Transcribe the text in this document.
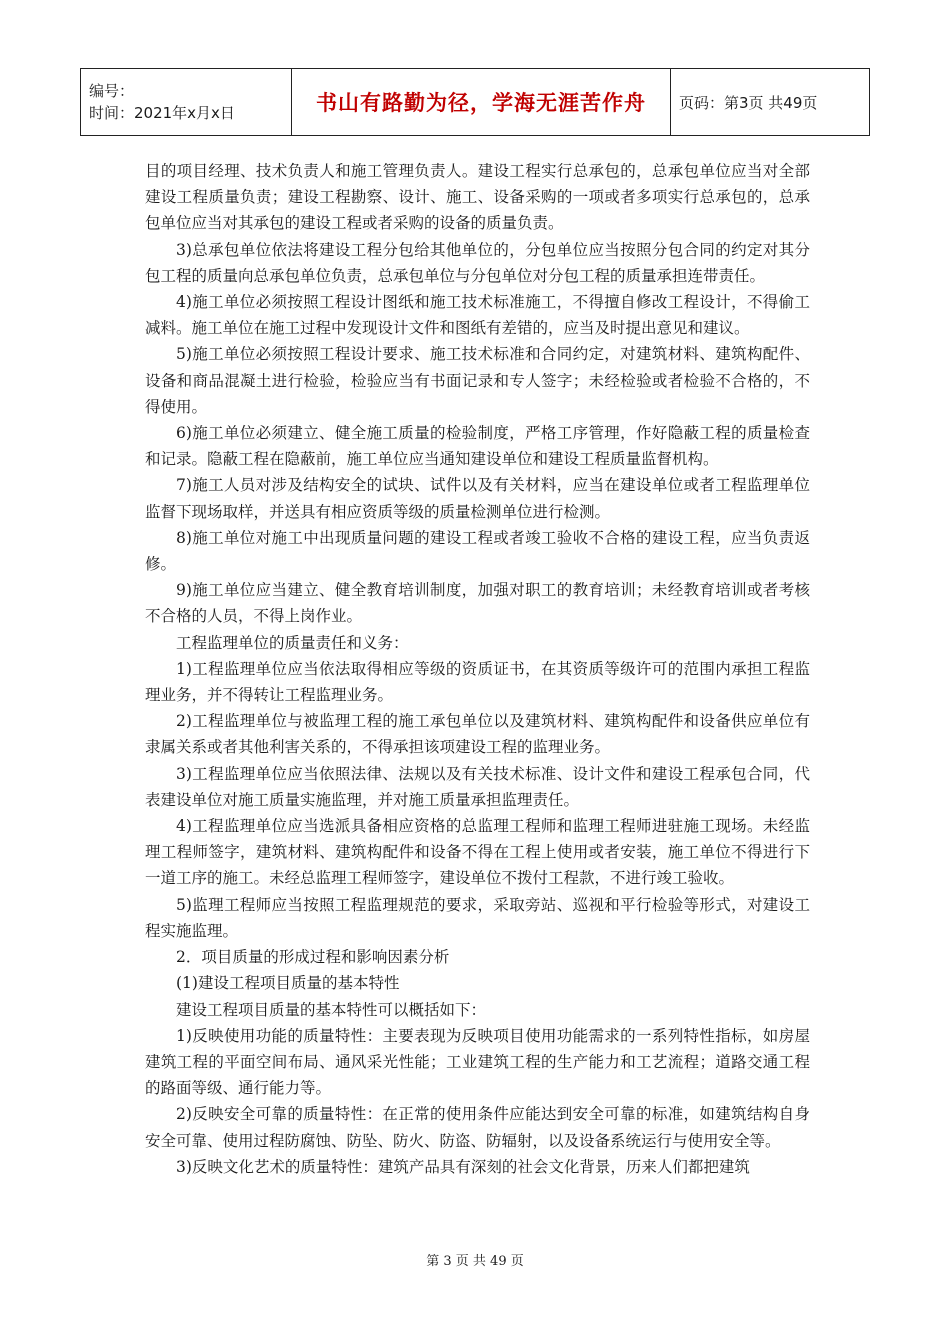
编号：
时间：2021年x月x日	书山有路勤为径，学海无涯苦作舟	页码：第3页 共49页

目的项目经理、技术负责人和施工管理负责人。建设工程实行总承包的，总承包单位应当对全部建设工程质量负责；建设工程勘察、设计、施工、设备采购的一项或者多项实行总承包的，总承包单位应当对其承包的建设工程或者采购的设备的质量负责。

3)总承包单位依法将建设工程分包给其他单位的，分包单位应当按照分包合同的约定对其分包工程的质量向总承包单位负责，总承包单位与分包单位对分包工程的质量承担连带责任。

4)施工单位必须按照工程设计图纸和施工技术标准施工，不得擅自修改工程设计，不得偷工减料。施工单位在施工过程中发现设计文件和图纸有差错的，应当及时提出意见和建议。

5)施工单位必须按照工程设计要求、施工技术标准和合同约定，对建筑材料、建筑构配件、设备和商品混凝土进行检验，检验应当有书面记录和专人签字；未经检验或者检验不合格的，不得使用。

6)施工单位必须建立、健全施工质量的检验制度，严格工序管理，作好隐蔽工程的质量检查和记录。隐蔽工程在隐蔽前，施工单位应当通知建设单位和建设工程质量监督机构。

7)施工人员对涉及结构安全的试块、试件以及有关材料，应当在建设单位或者工程监理单位监督下现场取样，并送具有相应资质等级的质量检测单位进行检测。

8)施工单位对施工中出现质量问题的建设工程或者竣工验收不合格的建设工程，应当负责返修。

9)施工单位应当建立、健全教育培训制度，加强对职工的教育培训；未经教育培训或者考核不合格的人员，不得上岗作业。

工程监理单位的质量责任和义务：

1)工程监理单位应当依法取得相应等级的资质证书，在其资质等级许可的范围内承担工程监理业务，并不得转让工程监理业务。

2)工程监理单位与被监理工程的施工承包单位以及建筑材料、建筑构配件和设备供应单位有隶属关系或者其他利害关系的，不得承担该项建设工程的监理业务。

3)工程监理单位应当依照法律、法规以及有关技术标准、设计文件和建设工程承包合同，代表建设单位对施工质量实施监理，并对施工质量承担监理责任。

4)工程监理单位应当选派具备相应资格的总监理工程师和监理工程师进驻施工现场。未经监理工程师签字，建筑材料、建筑构配件和设备不得在工程上使用或者安装，施工单位不得进行下一道工序的施工。未经总监理工程师签字，建设单位不拨付工程款，不进行竣工验收。

5)监理工程师应当按照工程监理规范的要求，采取旁站、巡视和平行检验等形式，对建设工程实施监理。

2．项目质量的形成过程和影响因素分析

(1)建设工程项目质量的基本特性

建设工程项目质量的基本特性可以概括如下：

1)反映使用功能的质量特性：主要表现为反映项目使用功能需求的一系列特性指标，如房屋建筑工程的平面空间布局、通风采光性能；工业建筑工程的生产能力和工艺流程；道路交通工程的路面等级、通行能力等。

2)反映安全可靠的质量特性：在正常的使用条件应能达到安全可靠的标准，如建筑结构自身安全可靠、使用过程防腐蚀、防坠、防火、防盗、防辐射，以及设备系统运行与使用安全等。

3)反映文化艺术的质量特性：建筑产品具有深刻的社会文化背景，历来人们都把建筑

第 3 页 共 49 页
